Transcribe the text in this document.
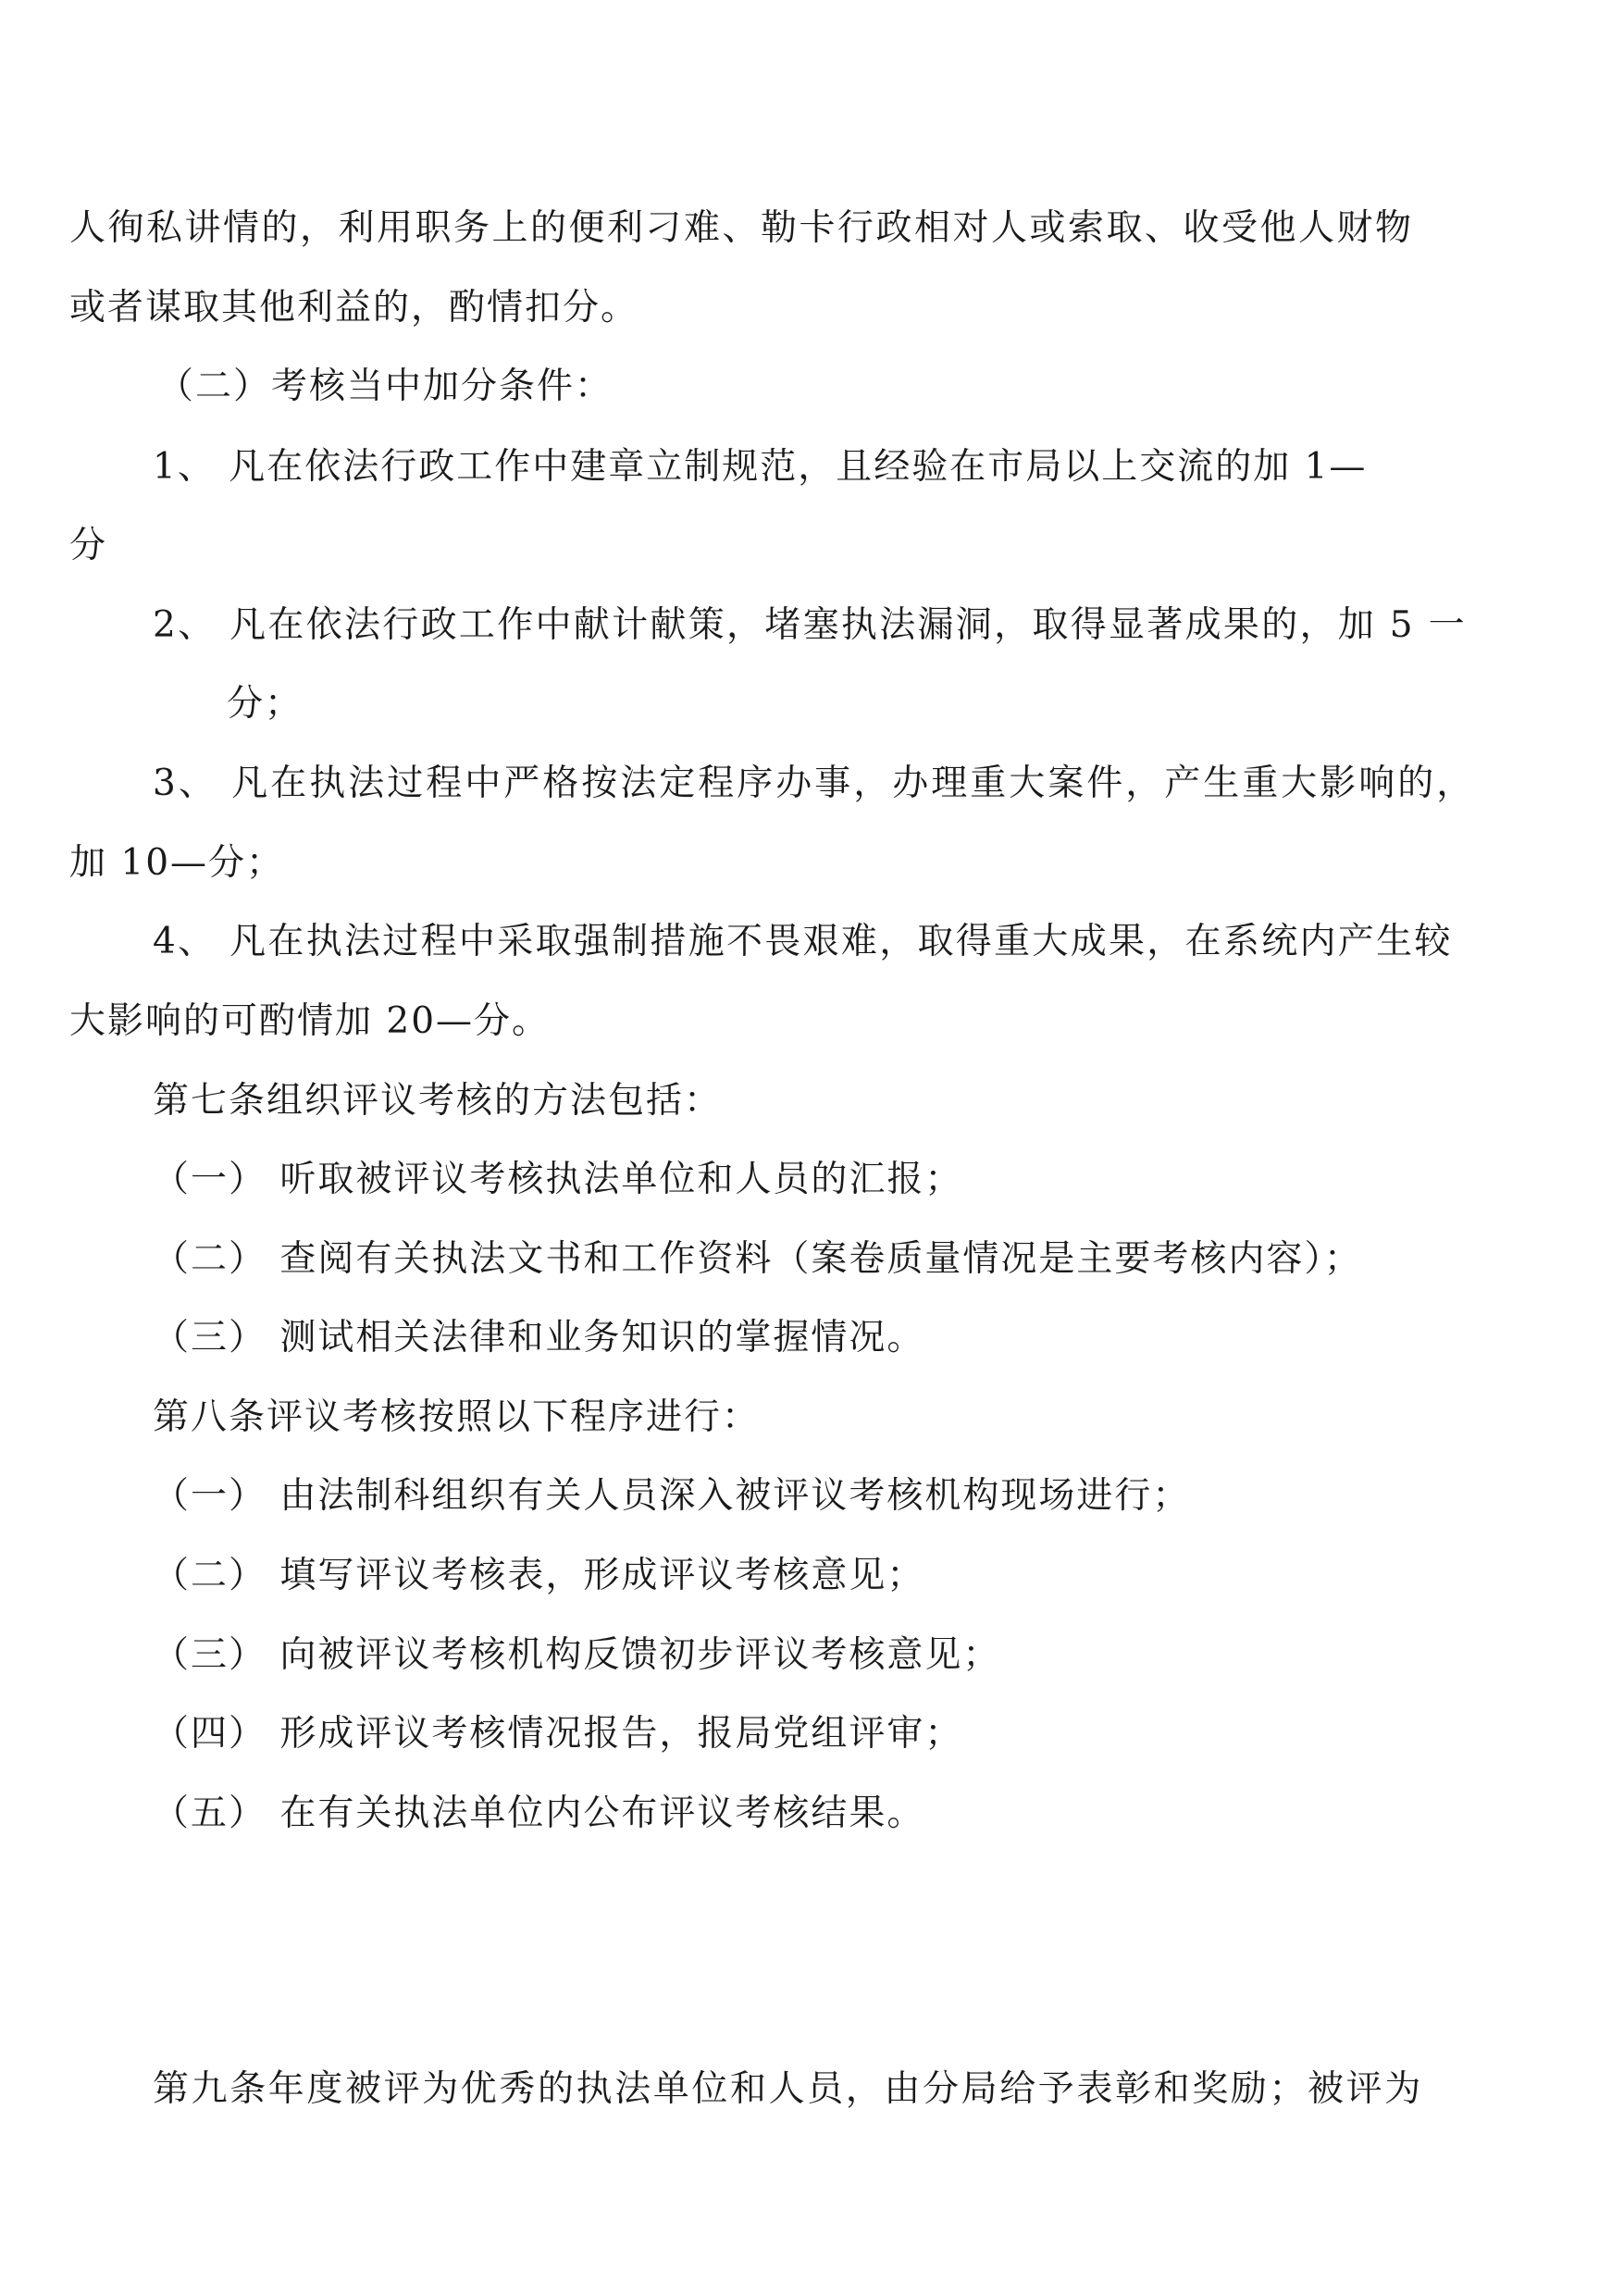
人徇私讲情的，利用职务上的便利刁难、勒卡行政相对人或索取、收受他人财物
或者谋取其他利益的，酌情扣分。
（二）考核当中加分条件：
1、 凡在依法行政工作中建章立制规范，且经验在市局以上交流的加 1—
分
2、 凡在依法行政工作中献计献策，堵塞执法漏洞，取得显著成果的，加 5 一
分；
3、 凡在执法过程中严格按法定程序办事，办理重大案件，产生重大影响的，
加 10—分；
4、 凡在执法过程中采取强制措施不畏艰难，取得重大成果，在系统内产生较
大影响的可酌情加 20—分。
第七条组织评议考核的方法包括：
（一） 听取被评议考核执法单位和人员的汇报；
（二） 查阅有关执法文书和工作资料（案卷质量情况是主要考核内容）；
（三） 测试相关法律和业务知识的掌握情况。
第八条评议考核按照以下程序进行：
（一） 由法制科组织有关人员深入被评议考核机构现场进行；
（二） 填写评议考核表，形成评议考核意见；
（三） 向被评议考核机构反馈初步评议考核意见；
（四） 形成评议考核情况报告，报局党组评审；
（五） 在有关执法单位内公布评议考核结果。
第九条年度被评为优秀的执法单位和人员，由分局给予表彰和奖励；被评为
